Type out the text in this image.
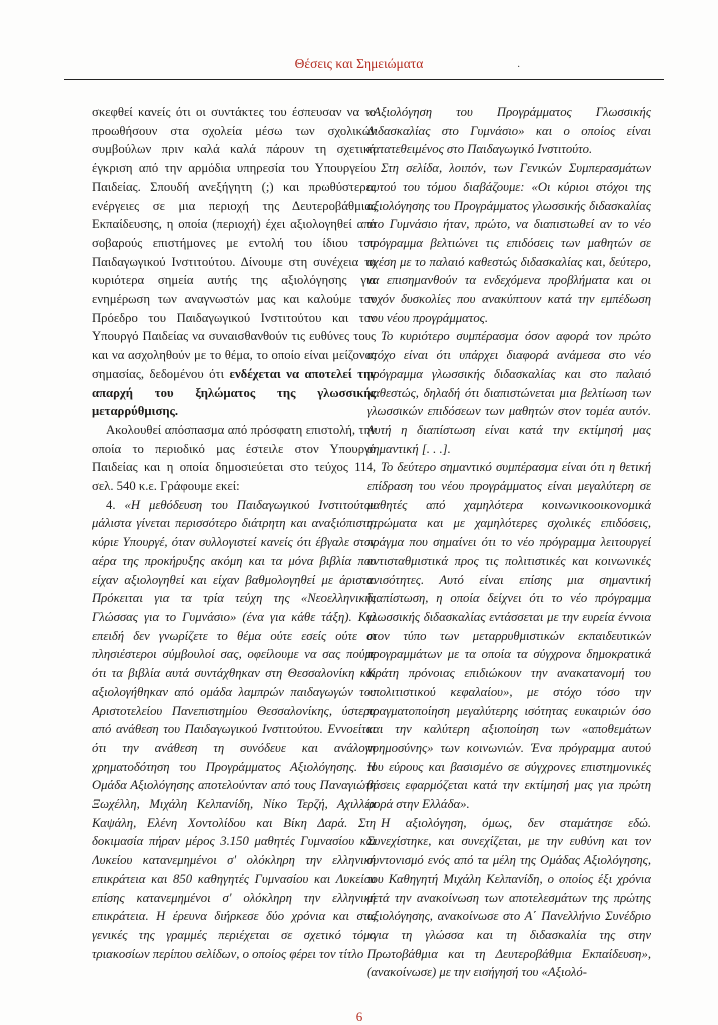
Θέσεις και Σημειώματα	·

σκεφθεί κανείς ότι οι συντάκτες του έσπευσαν να το προωθήσουν στα σχολεία μέσω των σχολικών συμβούλων πριν καλά καλά πάρουν τη σχετική έγκριση από την αρμόδια υπηρεσία του Υπουργείου Παιδείας. Σπουδή ανεξήγητη (;) και πρωθύστερες ενέργειες σε μια περιοχή της Δευτεροβάθμιας Εκπαίδευσης, η οποία (περιοχή) έχει αξιολογηθεί από σοβαρούς επιστήμονες με εντολή του ίδιου του Παιδαγωγικού Ινστιτούτου. Δίνουμε στη συνέχεια τα κυριότερα σημεία αυτής της αξιολόγησης για ενημέρωση των αναγνωστών μας και καλούμε τον Πρόεδρο του Παιδαγωγικού Ινστιτούτου και τον Υπουργό Παιδείας να συναισθανθούν τις ευθύνες τους και να ασχοληθούν με το θέμα, το οποίο είναι μείζονος σημασίας, δεδομένου ότι ενδέχεται να αποτελεί την απαρχή του ξηλώματος της γλωσσικής μεταρρύθμισης.

Ακολουθεί απόσπασμα από πρόσφατη επιστολή, την οποία το περιοδικό μας έστειλε στον Υπουργό Παιδείας και η οποία δημοσιεύεται στο τεύχος 114, σελ. 540 κ.ε. Γράφουμε εκεί:

4. «Η μεθόδευση του Παιδαγωγικού Ινστιτούτου μάλιστα γίνεται περισσότερο διάτρητη και αναξιόπιστη, κύριε Υπουργέ, όταν συλλογιστεί κανείς ότι έβγαλε στον αέρα της προκήρυξης ακόμη και τα μόνα βιβλία που είχαν αξιολογηθεί και είχαν βαθμολογηθεί με άριστα. Πρόκειται για τα τρία τεύχη της «Νεοελληνικής Γλώσσας για το Γυμνάσιο» (ένα για κάθε τάξη). Και επειδή δεν γνωρίζετε το θέμα ούτε εσείς ούτε οι πλησιέστεροι σύμβουλοί σας, οφείλουμε να σας πούμε ότι τα βιβλία αυτά συντάχθηκαν στη Θεσσαλονίκη και αξιολογήθηκαν από ομάδα λαμπρών παιδαγωγών του Αριστοτελείου Πανεπιστημίου Θεσσαλονίκης, ύστερα από ανάθεση του Παιδαγωγικού Ινστιτούτου. Εννοείται ότι την ανάθεση τη συνόδευε και ανάλογη χρηματοδότηση του Προγράμματος Αξιολόγησης. Η Ομάδα Αξιολόγησης αποτελούνταν από τους Παναγιώτη Ξωχέλλη, Μιχάλη Κελπανίδη, Νίκο Τερζή, Αχιλλέα Καψάλη, Ελένη Χοντολίδου και Βίκη Δαρά. Στη δοκιμασία πήραν μέρος 3.150 μαθητές Γυμνασίου και Λυκείου κατανεμημένοι σ' ολόκληρη την ελληνική επικράτεια και 850 καθηγητές Γυμνασίου και Λυκείου επίσης κατανεμημένοι σ' ολόκληρη την ελληνική επικράτεια. Η έρευνα διήρκεσε δύο χρόνια και στις γενικές της γραμμές περιέχεται σε σχετικό τόμο τριακοσίων περίπου σελίδων, ο οποίος φέρει τον τίτλο

«Αξιολόγηση του Προγράμματος Γλωσσικής Διδασκαλίας στο Γυμνάσιο» και ο οποίος είναι κατατεθειμένος στο Παιδαγωγικό Ινστιτούτο.

Στη σελίδα, λοιπόν, των Γενικών Συμπερασμάτων αυτού του τόμου διαβάζουμε: «Οι κύριοι στόχοι της αξιολόγησης του Προγράμματος γλωσσικής διδασκαλίας στο Γυμνάσιο ήταν, πρώτο, να διαπιστωθεί αν το νέο πρόγραμμα βελτιώνει τις επιδόσεις των μαθητών σε σχέση με το παλαιό καθεστώς διδασκαλίας και, δεύτερο, να επισημανθούν τα ενδεχόμενα προβλήματα και οι τυχόν δυσκολίες που ανακύπτουν κατά την εμπέδωση του νέου προγράμματος.

Το κυριότερο συμπέρασμα όσον αφορά τον πρώτο στόχο είναι ότι υπάρχει διαφορά ανάμεσα στο νέο πρόγραμμα γλωσσικής διδασκαλίας και στο παλαιό καθεστώς, δηλαδή ότι διαπιστώνεται μια βελτίωση των γλωσσικών επιδόσεων των μαθητών στον τομέα αυτόν. Αυτή η διαπίστωση είναι κατά την εκτίμησή μας σημαντική [. . .].

Το δεύτερο σημαντικό συμπέρασμα είναι ότι η θετική επίδραση του νέου προγράμματος είναι μεγαλύτερη σε μαθητές από χαμηλότερα κοινωνικοοικονομικά στρώματα και με χαμηλότερες σχολικές επιδόσεις, πράγμα που σημαίνει ότι το νέο πρόγραμμα λειτουργεί αντισταθμιστικά προς τις πολιτιστικές και κοινωνικές ανισότητες. Αυτό είναι επίσης μια σημαντική διαπίστωση, η οποία δείχνει ότι το νέο πρόγραμμα γλωσσικής διδασκαλίας εντάσσεται με την ευρεία έννοια στον τύπο των μεταρρυθμιστικών εκπαιδευτικών προγραμμάτων με τα οποία τα σύγχρονα δημοκρατικά Κράτη πρόνοιας επιδιώκουν την ανακατανομή του «πολιτιστικού κεφαλαίου», με στόχο τόσο την πραγματοποίηση μεγαλύτερης ισότητας ευκαιριών όσο και την καλύτερη αξιοποίηση των «αποθεμάτων νοημοσύνης» των κοινωνιών. Ένα πρόγραμμα αυτού του εύρους και βασισμένο σε σύγχρονες επιστημονικές βάσεις εφαρμόζεται κατά την εκτίμησή μας για πρώτη φορά στην Ελλάδα».

Η αξιολόγηση, όμως, δεν σταμάτησε εδώ. Συνεχίστηκε, και συνεχίζεται, με την ευθύνη και τον συντονισμό ενός από τα μέλη της Ομάδας Αξιολόγησης, του Καθηγητή Μιχάλη Κελπανίδη, ο οποίος έξι χρόνια μετά την ανακοίνωση των αποτελεσμάτων της πρώτης αξιολόγησης, ανακοίνωσε στο Α΄ Πανελλήνιο Συνέδριο «για τη γλώσσα και τη διδασκαλία της στην Πρωτοβάθμια και τη Δευτεροβάθμια Εκπαίδευση», (ανακοίνωσε) με την εισήγησή του «Αξιολό-

6
